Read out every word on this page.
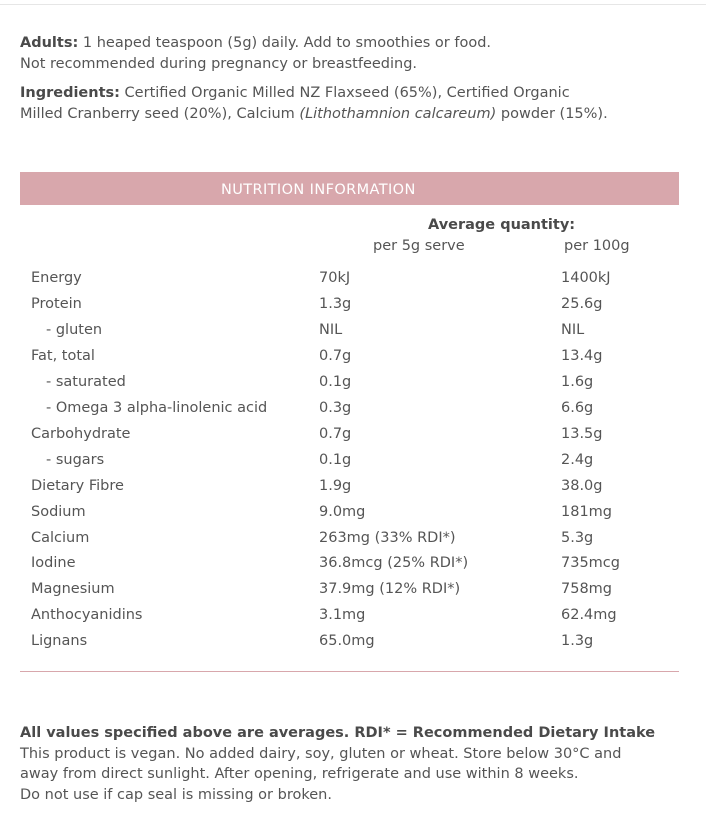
Adults: 1 heaped teaspoon (5g) daily. Add to smoothies or food.
Not recommended during pregnancy or breastfeeding.
Ingredients: Certified Organic Milled NZ Flaxseed (65%), Certified Organic
Milled Cranberry seed (20%), Calcium (Lithothamnion calcareum) powder (15%).
NUTRITION INFORMATION
Average quantity:
per 5g serve	per 100g
Energy	70kJ	1400kJ
Protein	1.3g	25.6g
- gluten	NIL	NIL
Fat, total	0.7g	13.4g
- saturated	0.1g	1.6g
- Omega 3 alpha-linolenic acid	0.3g	6.6g
Carbohydrate	0.7g	13.5g
- sugars	0.1g	2.4g
Dietary Fibre	1.9g	38.0g
Sodium	9.0mg	181mg
Calcium	263mg (33% RDI*)	5.3g
Iodine	36.8mcg (25% RDI*)	735mcg
Magnesium	37.9mg (12% RDI*)	758mg
Anthocyanidins	3.1mg	62.4mg
Lignans	65.0mg	1.3g
All values specified above are averages. RDI* = Recommended Dietary Intake
This product is vegan. No added dairy, soy, gluten or wheat. Store below 30°C and
away from direct sunlight. After opening, refrigerate and use within 8 weeks.
Do not use if cap seal is missing or broken.
